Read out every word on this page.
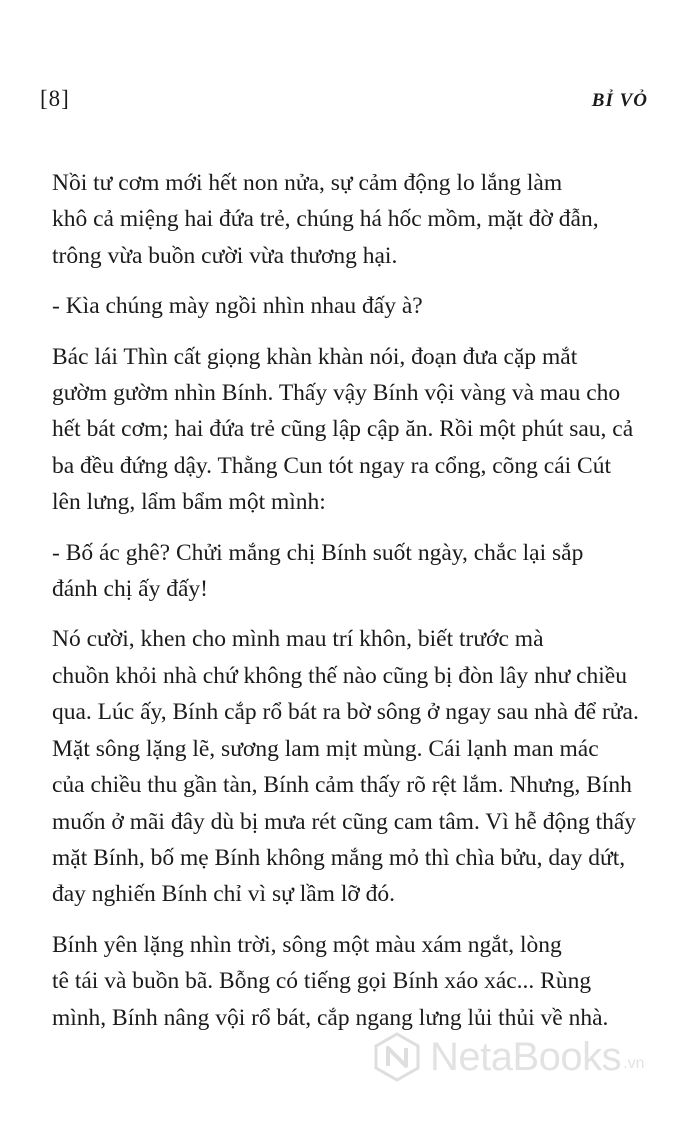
[8]	BỈ VỎ

Nồi tư cơm mới hết non nửa, sự cảm động lo lắng làm
khô cả miệng hai đứa trẻ, chúng há hốc mồm, mặt đờ đẫn,
trông vừa buồn cười vừa thương hại.

- Kìa chúng mày ngồi nhìn nhau đấy à?

Bác lái Thìn cất giọng khàn khàn nói, đoạn đưa cặp mắt
gườm gườm nhìn Bính. Thấy vậy Bính vội vàng và mau cho
hết bát cơm; hai đứa trẻ cũng lập cập ăn. Rồi một phút sau, cả
ba đều đứng dậy. Thằng Cun tót ngay ra cổng, cõng cái Cút
lên lưng, lẩm bẩm một mình:

- Bố ác ghê? Chửi mắng chị Bính suốt ngày, chắc lại sắp
đánh chị ấy đấy!

Nó cười, khen cho mình mau trí khôn, biết trước mà
chuồn khỏi nhà chứ không thế nào cũng bị đòn lây như chiều
qua. Lúc ấy, Bính cắp rổ bát ra bờ sông ở ngay sau nhà để rửa.
Mặt sông lặng lẽ, sương lam mịt mùng. Cái lạnh man mác
của chiều thu gần tàn, Bính cảm thấy rõ rệt lắm. Nhưng, Bính
muốn ở mãi đây dù bị mưa rét cũng cam tâm. Vì hễ động thấy
mặt Bính, bố mẹ Bính không mắng mỏ thì chìa bửu, day dứt,
đay nghiến Bính chỉ vì sự lầm lỡ đó.

Bính yên lặng nhìn trời, sông một màu xám ngắt, lòng
tê tái và buồn bã. Bỗng có tiếng gọi Bính xáo xác... Rùng
mình, Bính nâng vội rổ bát, cắp ngang lưng lủi thủi về nhà.

NetaBooks .vn
